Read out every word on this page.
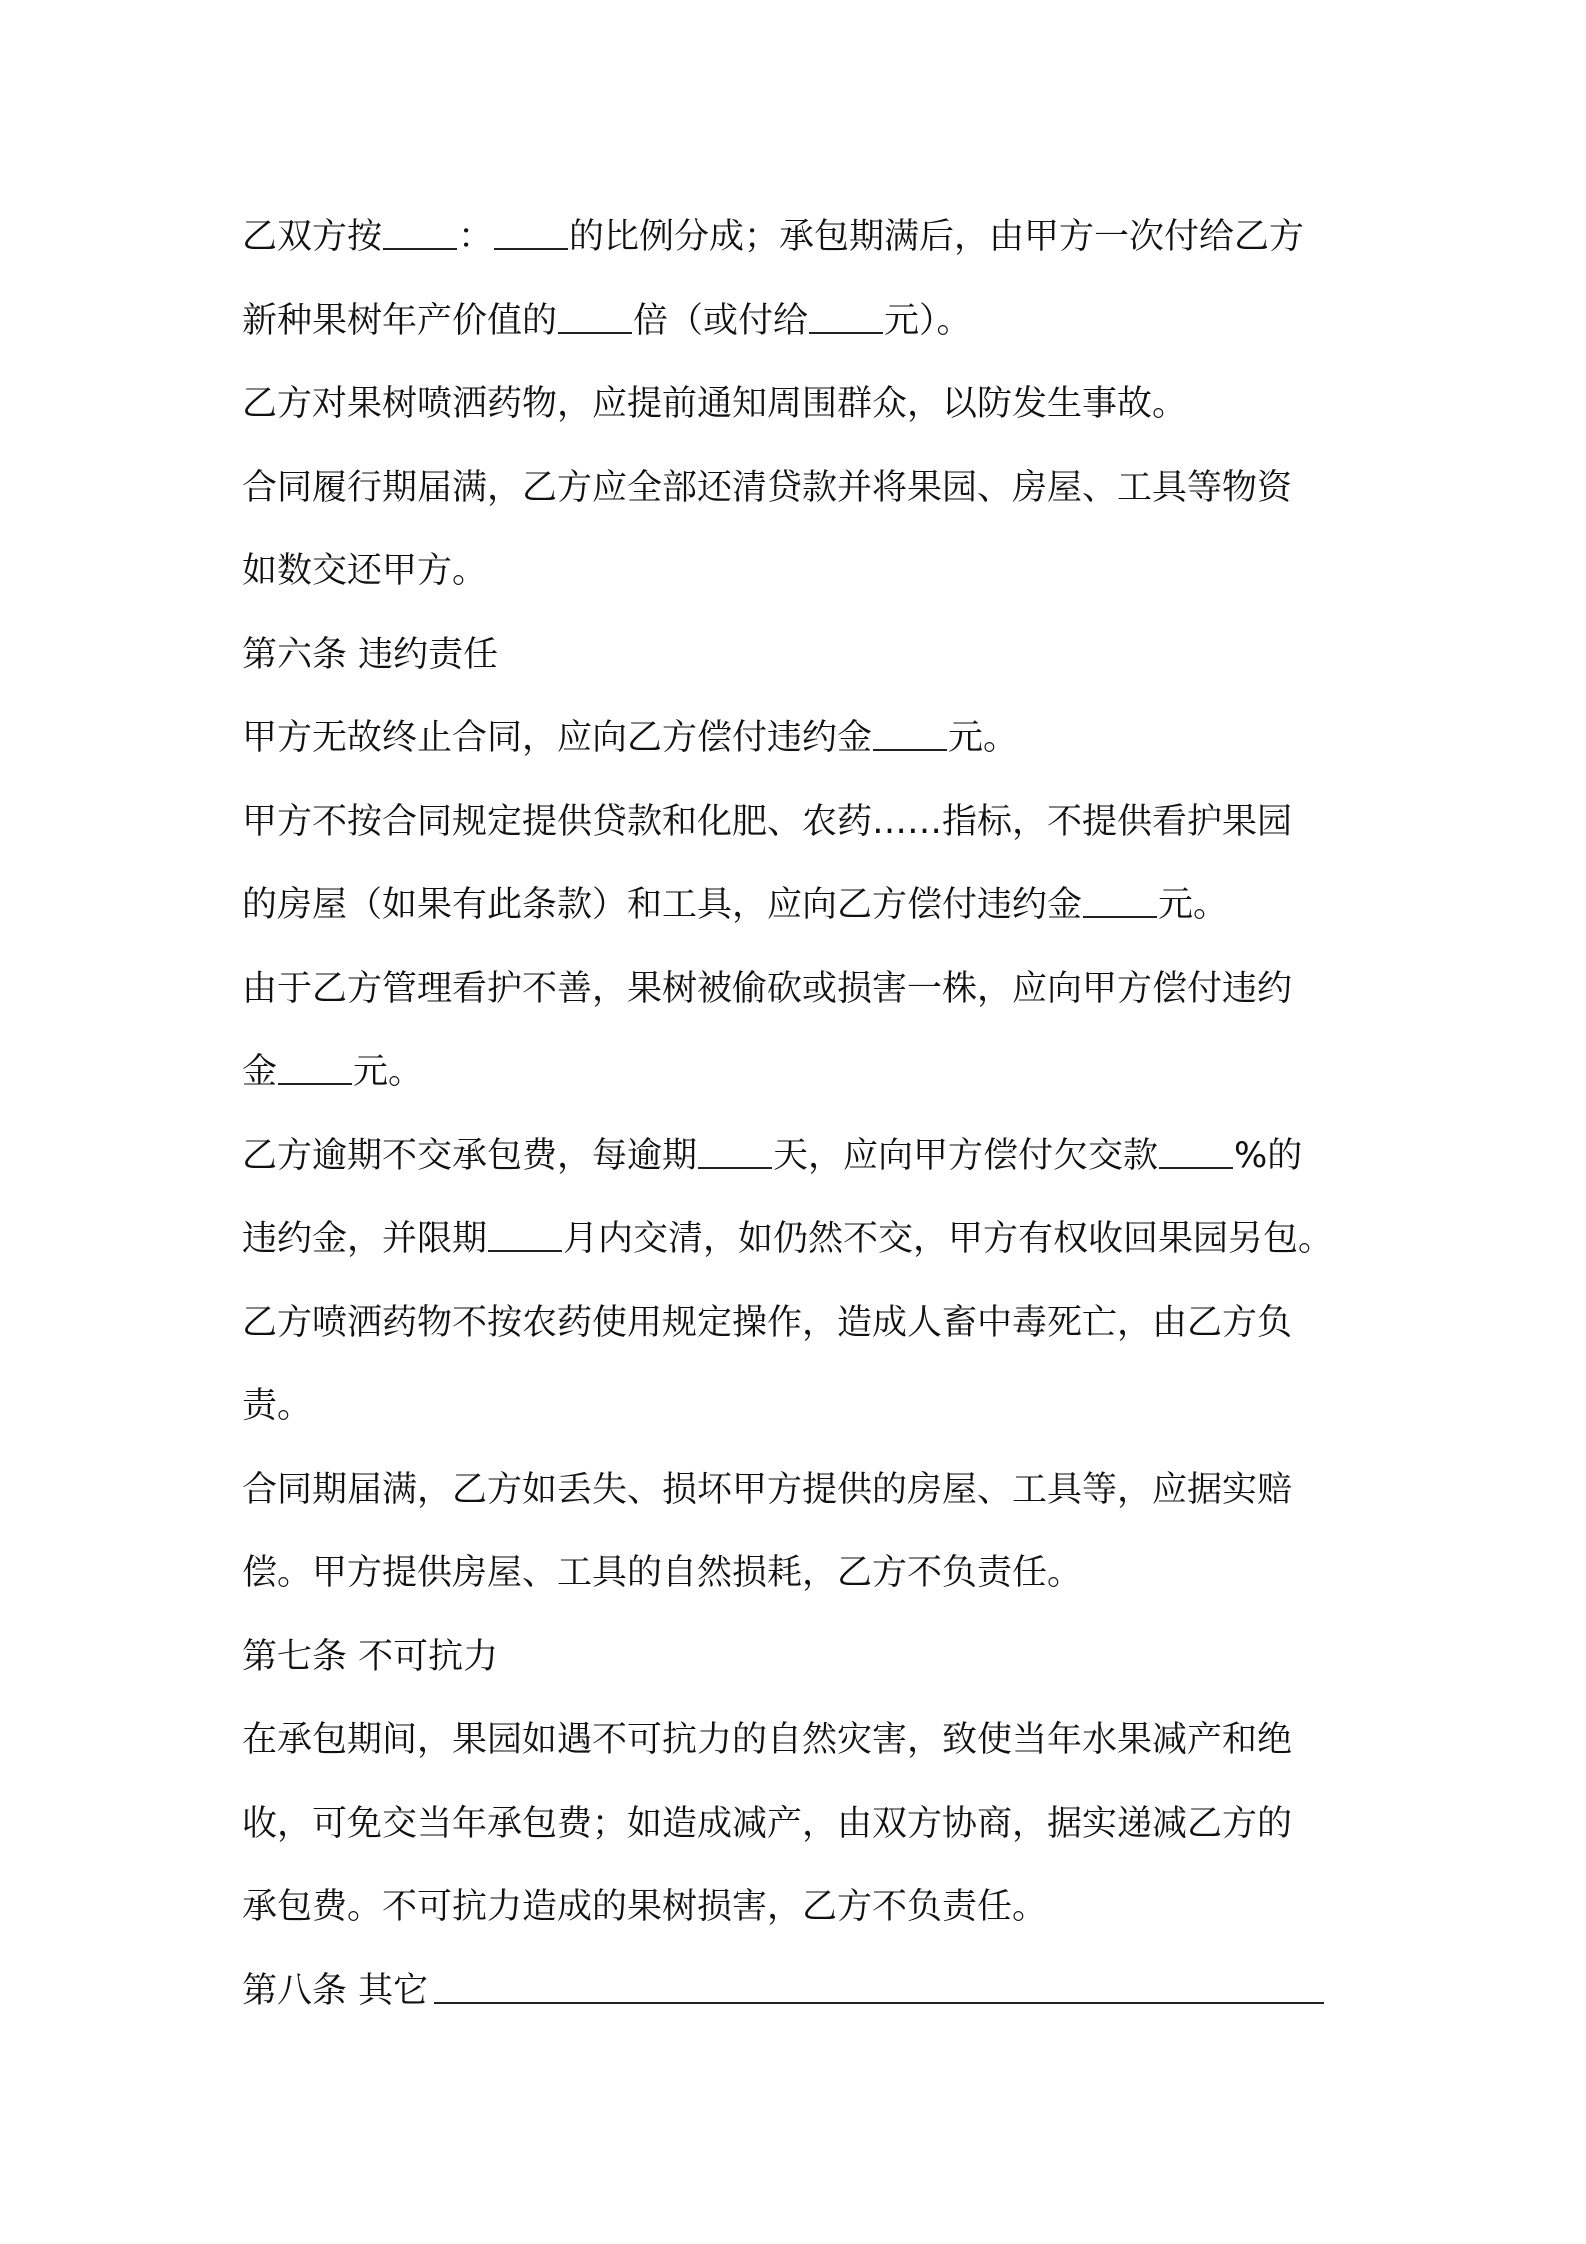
乙双方按 ： 的比例分成；承包期满后，由甲方一次付给乙方
新种果树年产价值的 倍（或付给 元）。
乙方对果树喷洒药物，应提前通知周围群众，以防发生事故。
合同履行期届满，乙方应全部还清贷款并将果园、房屋、工具等物资
如数交还甲方。
第六条 违约责任
甲方无故终止合同，应向乙方偿付违约金 元。
甲方不按合同规定提供贷款和化肥、农药……指标，不提供看护果园
的房屋（如果有此条款）和工具，应向乙方偿付违约金 元。
由于乙方管理看护不善，果树被偷砍或损害一株，应向甲方偿付违约
金 元。
乙方逾期不交承包费，每逾期 天，应向甲方偿付欠交款 %的
违约金，并限期 月内交清，如仍然不交，甲方有权收回果园另包。
乙方喷洒药物不按农药使用规定操作，造成人畜中毒死亡，由乙方负
责。
合同期届满，乙方如丢失、损坏甲方提供的房屋、工具等，应据实赔
偿。甲方提供房屋、工具的自然损耗，乙方不负责任。
第七条 不可抗力
在承包期间，果园如遇不可抗力的自然灾害，致使当年水果减产和绝
收，可免交当年承包费；如造成减产，由双方协商，据实递减乙方的
承包费。不可抗力造成的果树损害，乙方不负责任。
第八条 其它
